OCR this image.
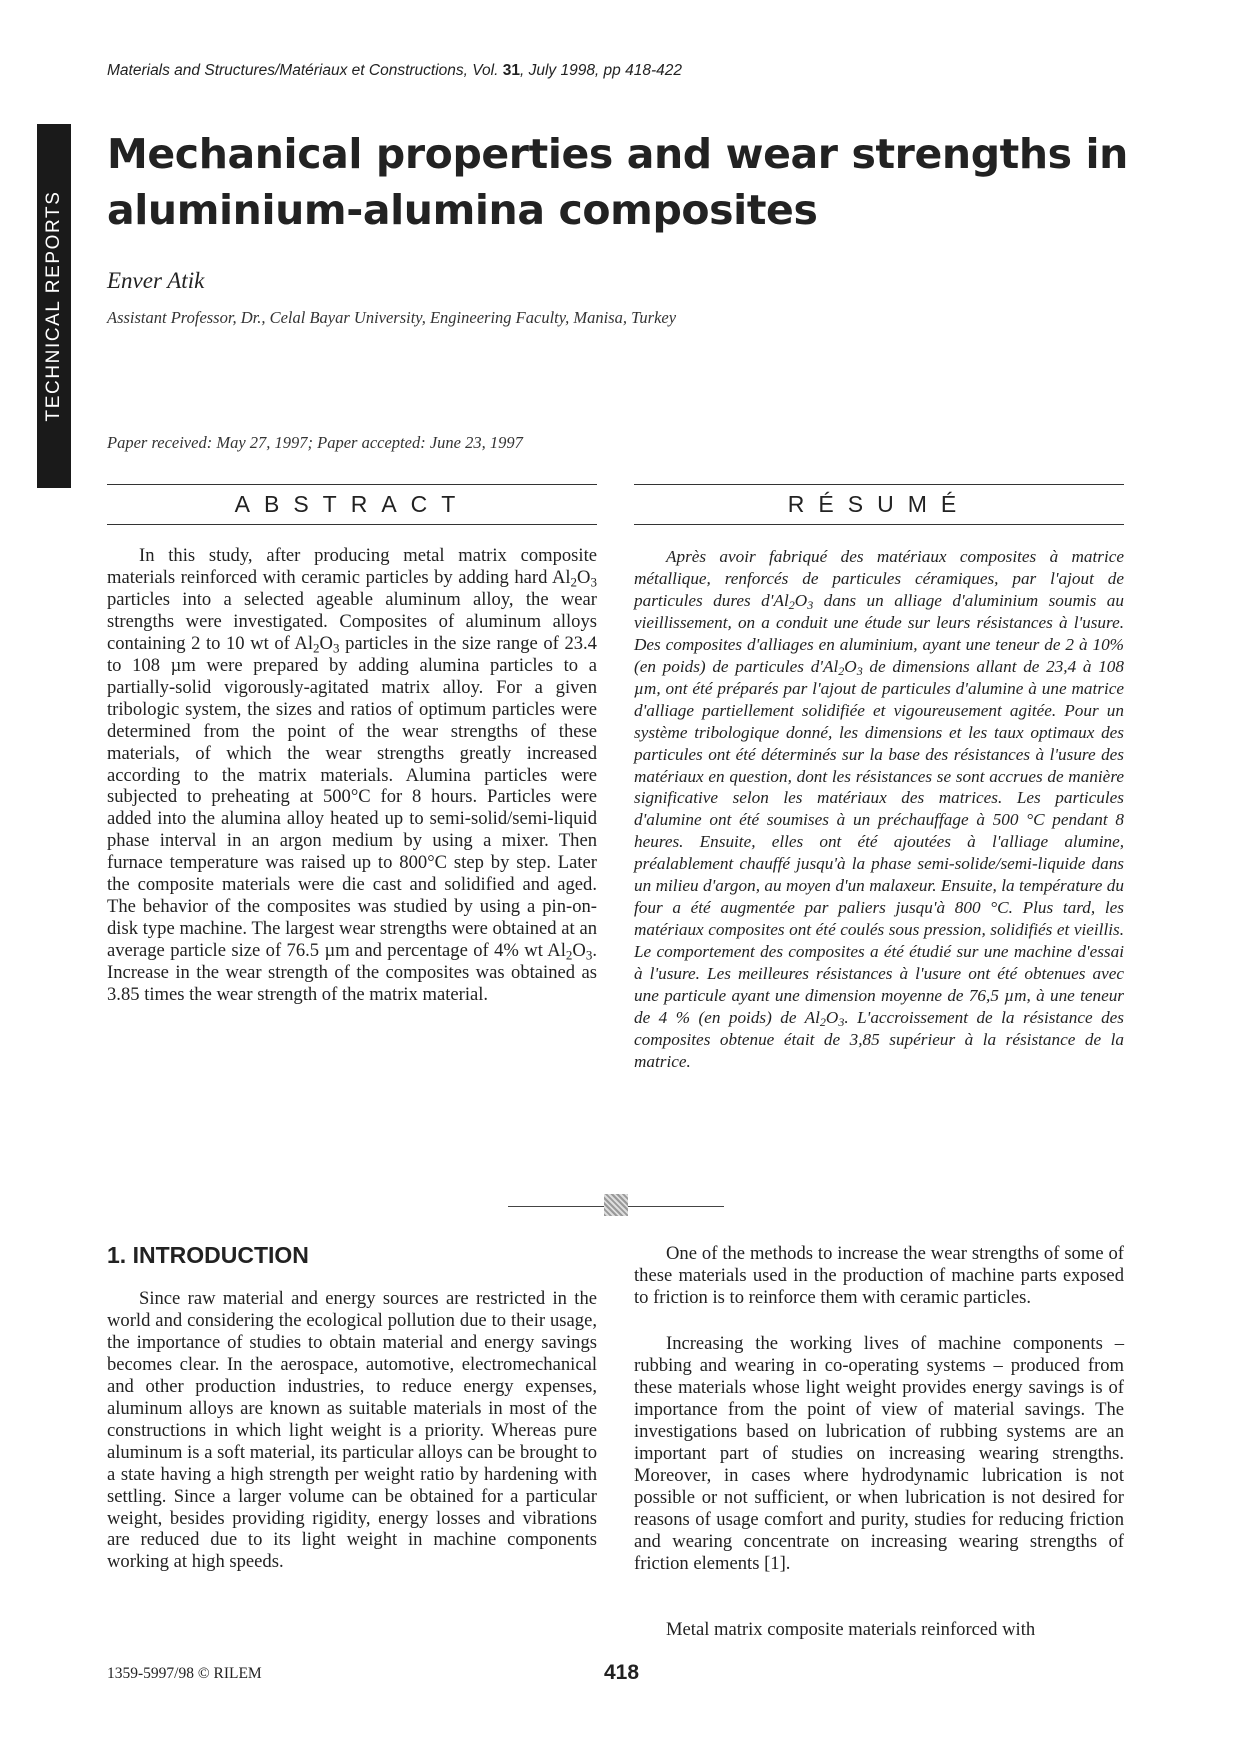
Materials and Structures/Matériaux et Constructions, Vol. 31, July 1998, pp 418-422
TECHNICAL REPORTS
Mechanical properties and wear strengths in aluminium-alumina composites
Enver Atik
Assistant Professor, Dr., Celal Bayar University, Engineering Faculty, Manisa, Turkey
Paper received: May 27, 1997; Paper accepted: June 23, 1997
ABSTRACT

In this study, after producing metal matrix composite materials reinforced with ceramic particles by adding hard $Al_2O_3$ particles into a selected ageable aluminum alloy, the wear strengths were investigated. Composites of aluminum alloys containing 2 to 10 wt of $Al_2O_3$ particles in the size range of 23.4 to 108 µm were prepared by adding alumina particles to a partially-solid vigorously-agitated matrix alloy. For a given tribologic system, the sizes and ratios of optimum particles were determined from the point of the wear strengths of these materials, of which the wear strengths greatly increased according to the matrix materials. Alumina particles were subjected to preheating at 500°C for 8 hours. Particles were added into the alumina alloy heated up to semi-solid/semi-liquid phase interval in an argon medium by using a mixer. Then furnace temperature was raised up to 800°C step by step. Later the composite materials were die cast and solidified and aged. The behavior of the composites was studied by using a pin-on-disk type machine. The largest wear strengths were obtained at an average particle size of 76.5 µm and percentage of 4% wt $Al_2O_3$. Increase in the wear strength of the composites was obtained as 3.85 times the wear strength of the matrix material.

RÉSUMÉ

Après avoir fabriqué des matériaux composites à matrice métallique, renforcés de particules céramiques, par l'ajout de particules dures $d'Al_2O_3$ dans un alliage d'aluminium soumis au vieillissement, on a conduit une étude sur leurs résistances à l'usure. Des composites d'alliages en aluminium, ayant une teneur de 2 à 10% (en poids) de particules $d'Al_2O_3$ de dimensions allant de 23,4 à 108 µm, ont été préparés par l'ajout de particules d'alumine à une matrice d'alliage partiellement solidifiée et vigoureusement agitée. Pour un système tribologique donné, les dimensions et les taux optimaux des particules ont été déterminés sur la base des résistances à l'usure des matériaux en question, dont les résistances se sont accrues de manière significative selon les matériaux des matrices. Les particules d'alumine ont été soumises à un préchauffage à 500 °C pendant 8 heures. Ensuite, elles ont été ajoutées à l'alliage alumine, préalablement chauffé jusqu'à la phase semi-solide/semi-liquide dans un milieu d'argon, au moyen d'un malaxeur. Ensuite, la température du four a été augmentée par paliers jusqu'à 800 °C. Plus tard, les matériaux composites ont été coulés sous pression, solidifiés et vieillis. Le comportement des composites a été étudié sur une machine d'essai à l'usure. Les meilleures résistances à l'usure ont été obtenues avec une particule ayant une dimension moyenne de 76,5 µm, à une teneur de 4 % (en poids) de $Al_2O_3$. L'accroissement de la résistance des composites obtenue était de 3,85 supérieur à la résistance de la matrice.

1. INTRODUCTION

Since raw material and energy sources are restricted in the world and considering the ecological pollution due to their usage, the importance of studies to obtain material and energy savings becomes clear. In the aerospace, automotive, electromechanical and other production industries, to reduce energy expenses, aluminum alloys are known as suitable materials in most of the constructions in which light weight is a priority. Whereas pure aluminum is a soft material, its particular alloys can be brought to a state having a high strength per weight ratio by hardening with settling. Since a larger volume can be obtained for a particular weight, besides providing rigidity, energy losses and vibrations are reduced due to its light weight in machine components working at high speeds.

One of the methods to increase the wear strengths of some of these materials used in the production of machine parts exposed to friction is to reinforce them with ceramic particles.

Increasing the working lives of machine components – rubbing and wearing in co-operating systems – produced from these materials whose light weight provides energy savings is of importance from the point of view of material savings. The investigations based on lubrication of rubbing systems are an important part of studies on increasing wearing strengths. Moreover, in cases where hydrodynamic lubrication is not possible or not sufficient, or when lubrication is not desired for reasons of usage comfort and purity, studies for reducing friction and wearing concentrate on increasing wearing strengths of friction elements [1].

Metal matrix composite materials reinforced with

1359-5997/98 © RILEM	418
